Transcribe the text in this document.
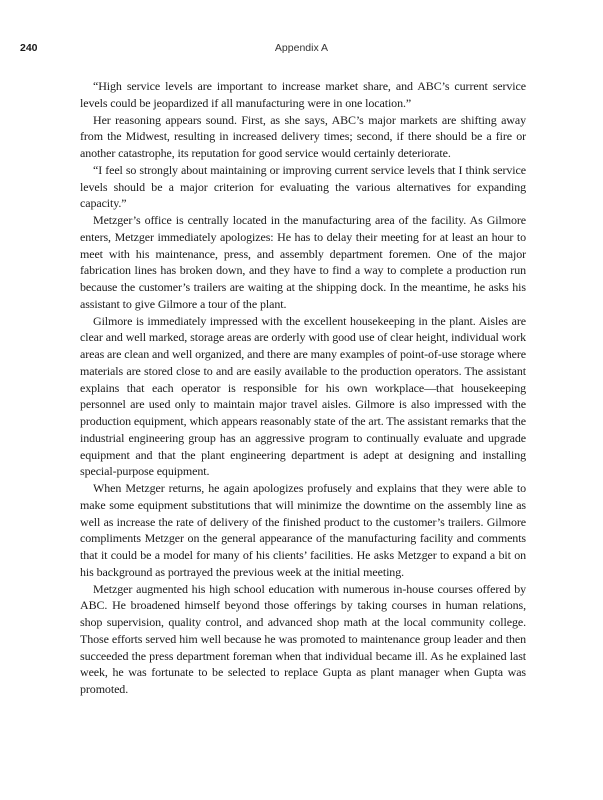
240	Appendix A

“High service levels are important to increase market share, and ABC’s current service levels could be jeopardized if all manufacturing were in one location.”

Her reasoning appears sound. First, as she says, ABC’s major markets are shifting away from the Midwest, resulting in increased delivery times; second, if there should be a fire or another catastrophe, its reputation for good service would certainly deteriorate.

“I feel so strongly about maintaining or improving current service levels that I think service levels should be a major criterion for evaluating the various alternatives for expanding capacity.”

Metzger’s office is centrally located in the manufacturing area of the facility. As Gilmore enters, Metzger immediately apologizes: He has to delay their meeting for at least an hour to meet with his maintenance, press, and assembly department foremen. One of the major fabrication lines has broken down, and they have to find a way to complete a production run because the customer’s trailers are waiting at the shipping dock. In the meantime, he asks his assistant to give Gilmore a tour of the plant.

Gilmore is immediately impressed with the excellent housekeeping in the plant. Aisles are clear and well marked, storage areas are orderly with good use of clear height, individual work areas are clean and well organized, and there are many examples of point-of-use storage where materials are stored close to and are easily available to the production operators. The assistant explains that each operator is responsible for his own workplace—that housekeeping personnel are used only to maintain major travel aisles. Gilmore is also impressed with the production equipment, which appears reasonably state of the art. The assistant remarks that the industrial engineering group has an aggressive program to continually evaluate and upgrade equipment and that the plant engineering department is adept at designing and installing special-purpose equipment.

When Metzger returns, he again apologizes profusely and explains that they were able to make some equipment substitutions that will minimize the downtime on the assembly line as well as increase the rate of delivery of the finished product to the customer’s trailers. Gilmore compliments Metzger on the general appearance of the manufacturing facility and comments that it could be a model for many of his clients’ facilities. He asks Metzger to expand a bit on his background as portrayed the previous week at the initial meeting.

Metzger augmented his high school education with numerous in-house courses offered by ABC. He broadened himself beyond those offerings by taking courses in human relations, shop supervision, quality control, and advanced shop math at the local community college. Those efforts served him well because he was promoted to maintenance group leader and then succeeded the press department foreman when that individual became ill. As he explained last week, he was fortunate to be selected to replace Gupta as plant manager when Gupta was promoted.
